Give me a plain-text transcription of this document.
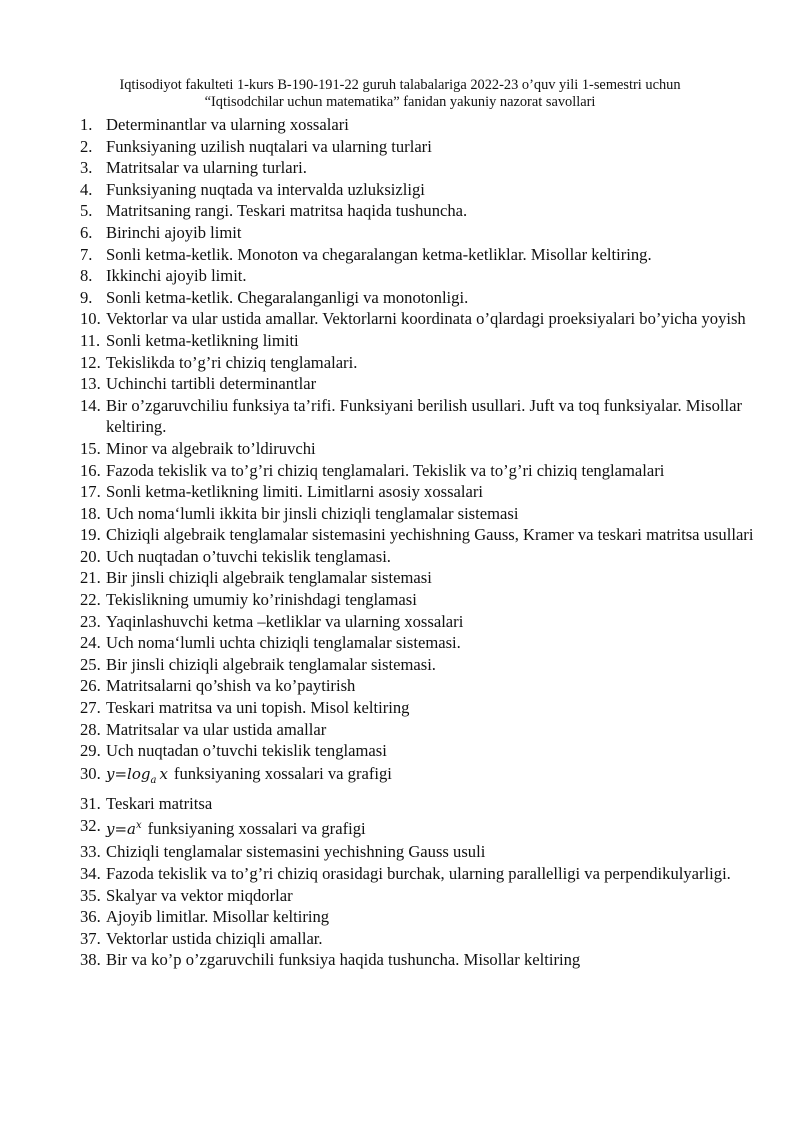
Iqtisodiyot fakulteti 1-kurs B-190-191-22 guruh talabalariga 2022-23 o’quv yili 1-semestri uchun
“Iqtisodchilar uchun matematika” fanidan yakuniy nazorat savollari
1. Determinantlar va ularning xossalari
2. Funksiyaning uzilish nuqtalari va ularning turlari
3. Matritsalar va ularning turlari.
4. Funksiyaning nuqtada va intervalda uzluksizligi
5. Matritsaning rangi. Teskari matritsa haqida tushuncha.
6. Birinchi ajoyib limit
7. Sonli ketma-ketlik. Monoton va chegaralangan ketma-ketliklar. Misollar keltiring.
8. Ikkinchi ajoyib limit.
9. Sonli ketma-ketlik. Chegaralanganligi va monotonligi.
10. Vektorlar va ular ustida amallar. Vektorlarni koordinata o’qlardagi proeksiyalari bo’yicha yoyish
11. Sonli ketma-ketlikning limiti
12. Tekislikda to’g’ri chiziq tenglamalari.
13. Uchinchi tartibli determinantlar
14. Bir o’zgaruvchiliu funksiya ta’rifi. Funksiyani berilish usullari. Juft va toq funksiyalar. Misollar keltiring.
15. Minor va algebraik to’ldiruvchi
16. Fazoda tekislik va to’g’ri chiziq tenglamalari. Tekislik va to’g’ri chiziq tenglamalari
17. Sonli ketma-ketlikning limiti. Limitlarni asosiy xossalari
18. Uch noma‘lumli ikkita bir jinsli chiziqli tenglamalar sistemasi
19. Chiziqli algebraik tenglamalar sistemasini yechishning Gauss, Kramer va teskari matritsa usullari
20. Uch nuqtadan o’tuvchi tekislik tenglamasi.
21. Bir jinsli chiziqli algebraik tenglamalar sistemasi
22. Tekislikning umumiy ko’rinishdagi tenglamasi
23. Yaqinlashuvchi ketma –ketliklar va ularning xossalari
24. Uch noma‘lumli uchta chiziqli tenglamalar sistemasi.
25. Bir jinsli chiziqli algebraik tenglamalar sistemasi.
26. Matritsalarni qo’shish va ko’paytirish
27. Teskari matritsa va uni topish. Misol keltiring
28. Matritsalar va ular ustida amallar
29. Uch nuqtadan o’tuvchi tekislik tenglamasi
30. $y=\log_a$ x funksiyaning xossalari va grafigi
31. Teskari matritsa
32. $y=a^x$ funksiyaning xossalari va grafigi
33. Chiziqli tenglamalar sistemasini yechishning Gauss usuli
34. Fazoda tekislik va to’g’ri chiziq orasidagi burchak, ularning parallelligi va perpendikulyarligi.
35. Skalyar va vektor miqdorlar
36. Ajoyib limitlar. Misollar keltiring
37. Vektorlar ustida chiziqli amallar.
38. Bir va ko’p o’zgaruvchili funksiya haqida tushuncha. Misollar keltiring
